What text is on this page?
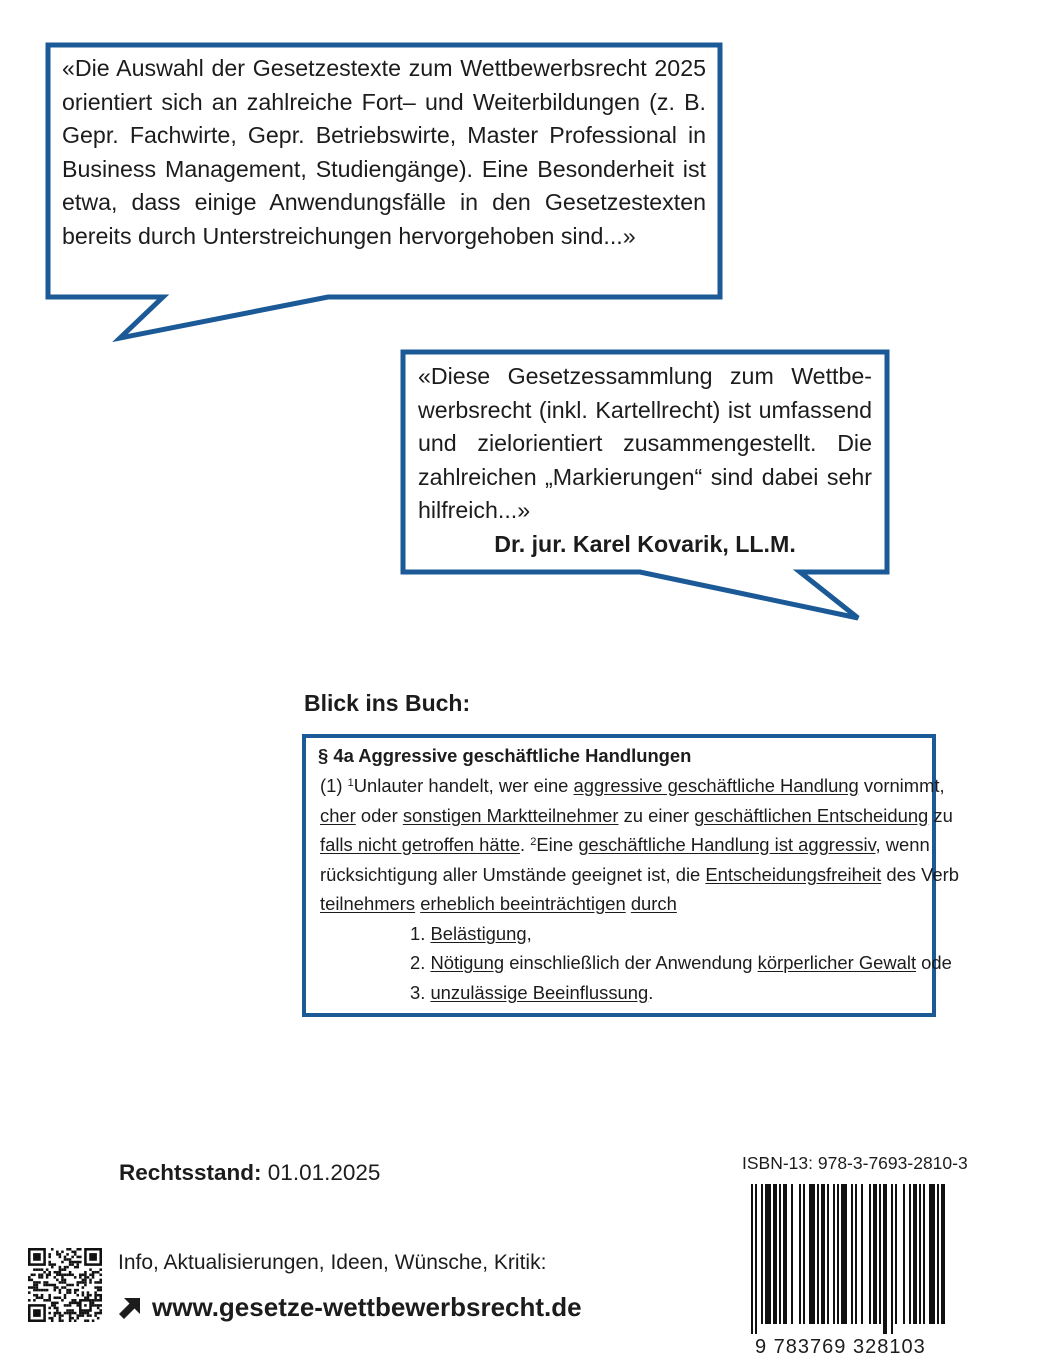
«Die Auswahl der Gesetzestexte zum Wettbewerbsrecht 2025 orientiert sich an zahlreiche Fort– und Weiterbildungen (z. B. Gepr. Fachwirte, Gepr. Betriebswirte, Master Professional in Business Management, Studiengänge). Eine Besonderheit ist etwa, dass einige Anwendungsfälle in den Gesetzestexten bereits durch Unterstreichungen hervorgehoben sind...»
«Diese Gesetzessammlung zum Wettbewerbsrecht (inkl. Kartellrecht) ist umfassend und zielorientiert zusammengestellt. Die zahlreichen „Markierungen“ sind dabei sehr hilfreich...»
Dr. jur. Karel Kovarik, LL.M.
Blick ins Buch:
§ 4a Aggressive geschäftliche Handlungen
(1) $^1$Unlauter handelt, wer eine aggressive geschäftliche Handlung vornimmt,
cher oder sonstigen Marktteilnehmer zu einer geschäftlichen Entscheidung zu
falls nicht getroffen hätte. $^2$Eine geschäftliche Handlung ist aggressiv, wenn
rücksichtigung aller Umstände geeignet ist, die Entscheidungsfreiheit des Verb
teilnehmers erheblich beeinträchtigen durch
1. Belästigung,
2. Nötigung einschließlich der Anwendung körperlicher Gewalt ode
3. unzulässige Beeinflussung.
Rechtsstand: 01.01.2025	ISBN-13: 978-3-7693-2810-3
9 783769 328103
Info, Aktualisierungen, Ideen, Wünsche, Kritik:
www.gesetze-wettbewerbsrecht.de
